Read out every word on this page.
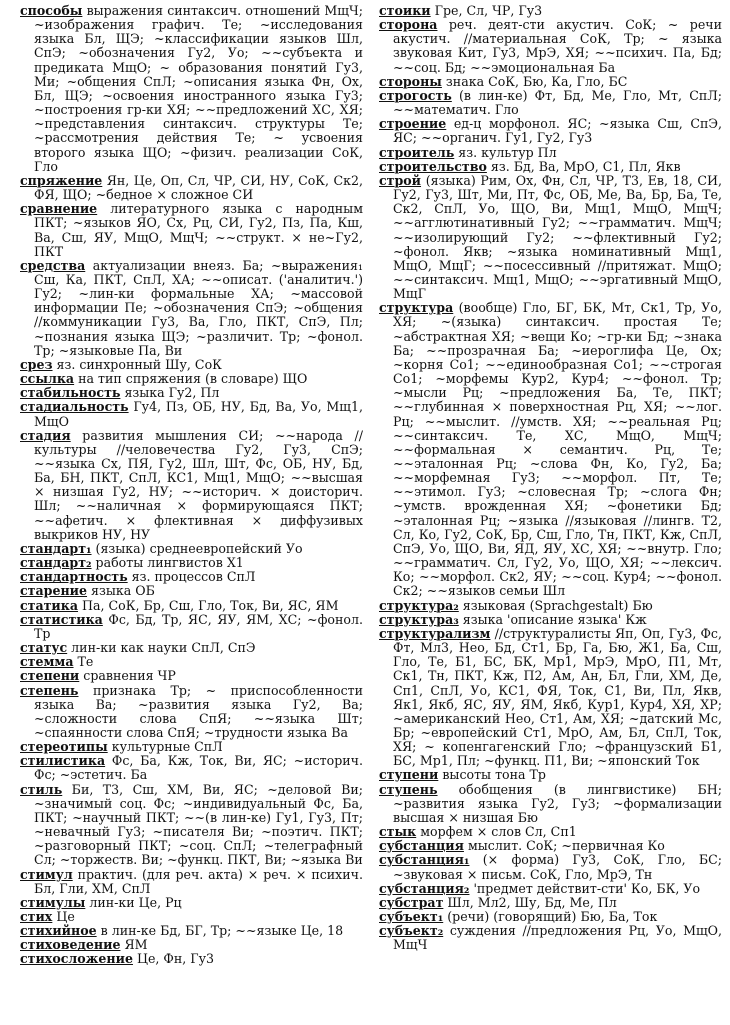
способы выражения синтаксич. отношений МщЧ; ~изображения графич. Те; ~исследования языка Бл, ЩЭ; ~классификации языков Шл, СпЭ; ~обозначения Гу2, Уо; ~~субъекта и предиката МщО; ~ образования понятий Гу3, Ми; ~общения СпЛ; ~описания языка Фн, Ох, Бл, ЩЭ; ~освоения иностранного языка Гу3; ~построения гр-ки ХЯ; ~~предложений ХС, ХЯ; ~представления синтаксич. структуры Те; ~рассмотрения действия Те; ~ усвоения второго языка ЩО; ~физич. реализации СоК, Гло

спряжение Ян, Це, Оп, Сл, ЧР, СИ, НУ, СоК, Ск2, ФЯ, ЩО; ~бедное × сложное СИ

сравнение литературного языка с народным ПКТ; ~языков ЯО, Сх, Рц, СИ, Гу2, Пз, Па, Кш, Ва, Сш, ЯУ, МщО, МщЧ; ~~структ. × не~Гу2, ПКТ

средства актуализации внеяз. Ба; ~выражения₁ Сш, Ка, ПКТ, СпЛ, ХА; ~~описат. ('аналитич.') Гу2; ~лин-ки формальные ХА; ~массовой информации Пе; ~обозначения СпЭ; ~общения //коммуникации Гу3, Ва, Гло, ПКТ, СпЭ, Пл; ~познания языка ЩЭ; ~различит. Тр; ~фонол. Тр; ~языковые Па, Ви

срез яз. синхронный Шу, СоК

ссылка на тип спряжения (в словаре) ЩО

стабильность языка Гу2, Пл

стадиальность Гу4, Пз, ОБ, НУ, Бд, Ва, Уо, Мщ1, МщО

стадия развития мышления СИ; ~~народа //культуры //человечества Гу2, Гу3, СпЭ; ~~языка Сх, ПЯ, Гу2, Шл, Шт, Фс, ОБ, НУ, Бд, Ба, БН, ПКТ, СпЛ, КС1, Мщ1, МщО; ~~высшая × низшая Гу2, НУ; ~~историч. × доисторич. Шл; ~~наличная × формирующаяся ПКТ; ~~афетич. × флективная × диффузивых выкриков НУ, НУ

стандарт₁ (языка) среднеевропейский Уо

стандарт₂ работы лингвистов Х1

стандартность яз. процессов СпЛ

старение языка ОБ

статика Па, СоК, Бр, Сш, Гло, Ток, Ви, ЯС, ЯМ

статистика Фс, Бд, Тр, ЯС, ЯУ, ЯМ, ХС; ~фонол. Тр

статус лин-ки как науки СпЛ, СпЭ

стемма Те

степени сравнения ЧР

степень признака Тр; ~ приспособленности языка Ва; ~развития языка Гу2, Ва; ~сложности слова СпЯ; ~~языка Шт; ~спаянности слова СпЯ; ~трудности языка Ва

стереотипы культурные СпЛ

стилистика Фс, Ба, Кж, Ток, Ви, ЯС; ~историч. Фс; ~эстетич. Ба

стиль Би, Т3, Сш, ХМ, Ви, ЯС; ~деловой Ви; ~значимый соц. Фс; ~индивидуальный Фс, Ба, ПКТ; ~научный ПКТ; ~~(в лин-ке) Гу1, Гу3, Пт; ~невачный Гу3; ~писателя Ви; ~поэтич. ПКТ; ~разговорный ПКТ; ~соц. СпЛ; ~телеграфный Сл; ~торжеств. Ви; ~функц. ПКТ, Ви; ~языка Ви

стимул практич. (для реч. акта) × реч. × психич. Бл, Гли, ХМ, СпЛ

стимулы лин-ки Це, Рц

стих Це

стихийное в лин-ке Бд, БГ, Тр; ~~языке Це, 18

стиховедение ЯМ

стихосложение Це, Фн, Гу3

стоики Гре, Сл, ЧР, Гу3

сторона реч. деят-сти акустич. СоК; ~ речи акустич. //материальная СоК, Тр; ~ языка звуковая Кит, Гу3, МрЭ, ХЯ; ~~психич. Па, Бд; ~~соц. Бд; ~~эмоциональная Ба

стороны знака СоК, Бю, Ка, Гло, БС

строгость (в лин-ке) Фт, Бд, Ме, Гло, Мт, СпЛ; ~~математич. Гло

строение ед-ц морфонол. ЯС; ~языка Сш, СпЭ, ЯС; ~~органич. Гу1, Гу2, Гу3

строитель яз. культур Пл

строительство яз. Бд, Ва, МрО, С1, Пл, Якв

строй (языка) Рим, Ох, Фн, Сл, ЧР, Т3, Ев, 18, СИ, Гу2, Гу3, Шт, Ми, Пт, Фс, ОБ, Ме, Ва, Бр, Ба, Те, Ск2, СпЛ, Уо, ЩО, Ви, Мщ1, МщО, МщЧ; ~~агглютинативный Гу2; ~~грамматич. МщЧ; ~~изолирующий Гу2; ~~флективный Гу2; ~фонол. Якв; ~языка номинативный Мщ1, МщО, МщГ; ~~посессивный //притяжат. МщО; ~~синтаксич. Мщ1, МщО; ~~эргативный МщО, МщГ

структура (вообще) Гло, БГ, БК, Мт, Ск1, Тр, Уо, ХЯ; ~(языка) синтаксич. простая Те; ~абстрактная ХЯ; ~вещи Ко; ~гр-ки Бд; ~знака Ба; ~~прозрачная Ба; ~иероглифа Це, Ох; ~корня Со1; ~~единообразная Со1; ~~строгая Со1; ~морфемы Кур2, Кур4; ~~фонол. Тр; ~мысли Рц; ~предложения Ба, Те, ПКТ; ~~глубинная × поверхностная Рц, ХЯ; ~~лог. Рц; ~~мыслит. //умств. ХЯ; ~~реальная Рц; ~~синтаксич. Те, ХС, МщО, МщЧ; ~~формальная × семантич. Рц, Те; ~~эталонная Рц; ~слова Фн, Ко, Гу2, Ба; ~~морфемная Гу3; ~~морфол. Пт, Те; ~~этимол. Гу3; ~словесная Тр; ~слога Фн; ~умств. врожденная ХЯ; ~фонетики Бд; ~эталонная Рц; ~языка //языковая //лингв. Т2, Сл, Ко, Гу2, СоК, Бр, Сш, Гло, Тн, ПКТ, Кж, СпЛ, СпЭ, Уо, ЩО, Ви, ЯД, ЯУ, ХС, ХЯ; ~~внутр. Гло; ~~грамматич. Сл, Гу2, Уо, ЩО, ХЯ; ~~лексич. Ко; ~~морфол. Ск2, ЯУ; ~~соц. Кур4; ~~фонол. Ск2; ~~языков семьи Шл

структура₂ языковая (Sprachgestalt) Бю

структура₃ языка 'описание языка' Кж

структурализм //структуралисты Яп, Оп, Гу3, Фс, Фт, Мл3, Нео, Бд, Ст1, Бр, Га, Бю, Ж1, Ба, Сш, Гло, Те, Б1, БС, БК, Мр1, МрЭ, МрО, П1, Мт, Ск1, Тн, ПКТ, Кж, П2, Ам, Ан, Бл, Гли, ХМ, Де, Сп1, СпЛ, Уо, КС1, ФЯ, Ток, С1, Ви, Пл, Якв, Як1, Якб, ЯС, ЯУ, ЯМ, Якб, Кур1, Кур4, ХЯ, ХР; ~американский Нео, Ст1, Ам, ХЯ; ~датский Мс, Бр; ~европейский Ст1, МрО, Ам, Бл, СпЛ, Ток, ХЯ; ~ копенгагенский Гло; ~французский Б1, БС, Мр1, Пл; ~функц. П1, Ви; ~японский Ток

ступени высоты тона Тр

ступень обобщения (в лингвистике) БН; ~развития языка Гу2, Гу3; ~формализации высшая × низшая Бю

стык морфем × слов Сл, Сп1

субстанция мыслит. СоК; ~первичная Ко

субстанция₁ (× форма) Гу3, СоК, Гло, БС; ~звуковая × письм. СоК, Гло, МрЭ, Тн

субстанция₂ 'предмет действит-сти' Ко, БК, Уо

субстрат Шл, Мл2, Шу, Бд, Ме, Пл

субъект₁ (речи) (говорящий) Бю, Ба, Ток

субъект₂ суждения //предложения Рц, Уо, МщО, МщЧ
